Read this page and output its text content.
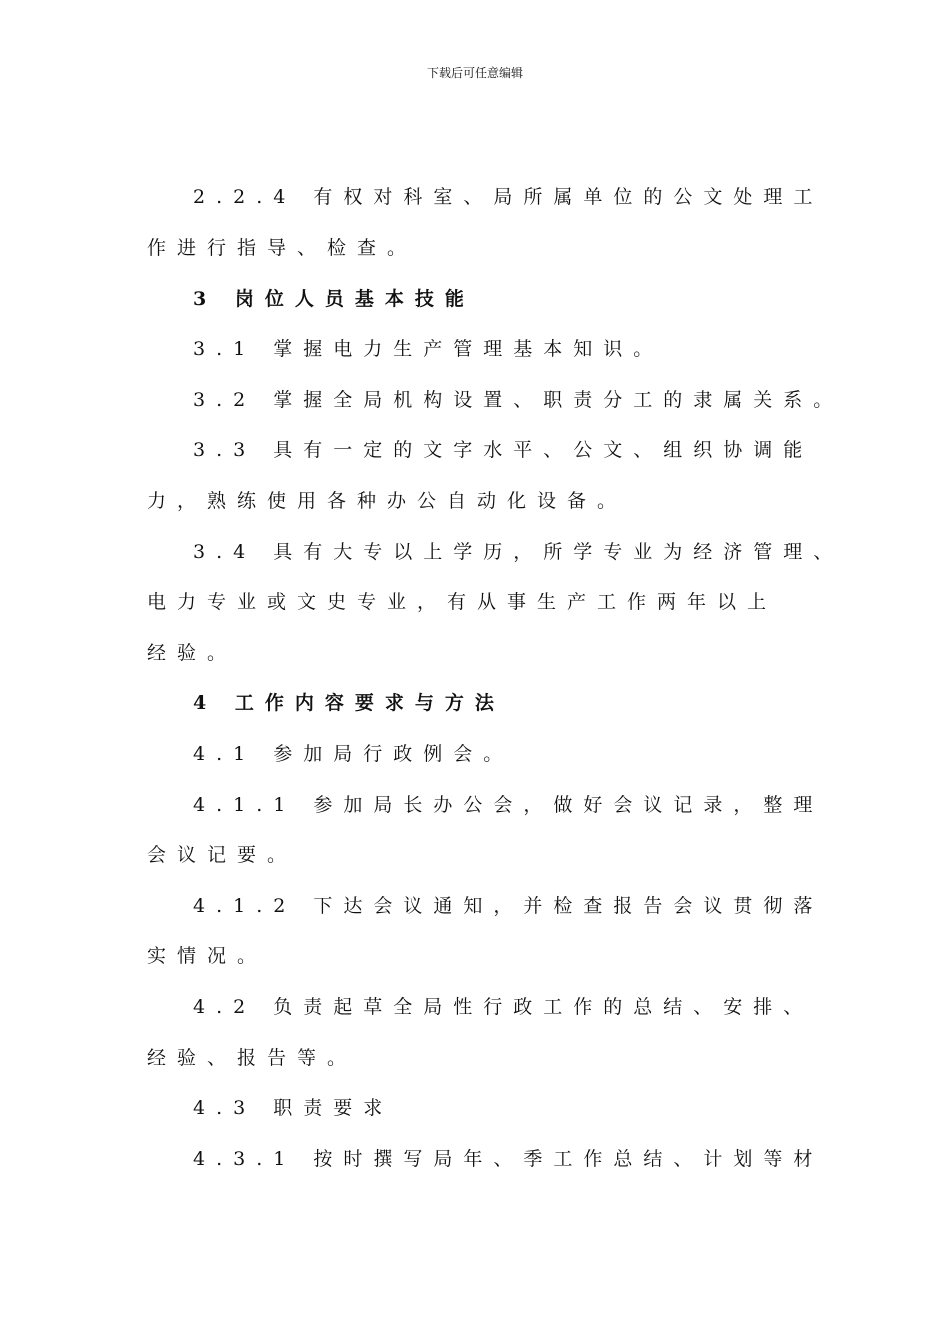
下载后可任意编辑
2.2.4 有权对科室、局所属单位的公文处理工
作进行指导、检查。
3 岗位人员基本技能
3.1 掌握电力生产管理基本知识。
3.2 掌握全局机构设置、职责分工的隶属关系。
3.3 具有一定的文字水平、公文、组织协调能
力，熟练使用各种办公自动化设备。
3.4 具有大专以上学历，所学专业为经济管理、
电力专业或文史专业，有从事生产工作两年以上
经验。
4 工作内容要求与方法
4.1 参加局行政例会。
4.1.1 参加局长办公会，做好会议记录，整理
会议记要。
4.1.2 下达会议通知，并检查报告会议贯彻落
实情况。
4.2 负责起草全局性行政工作的总结、安排、
经验、报告等。
4.3 职责要求
4.3.1 按时撰写局年、季工作总结、计划等材
